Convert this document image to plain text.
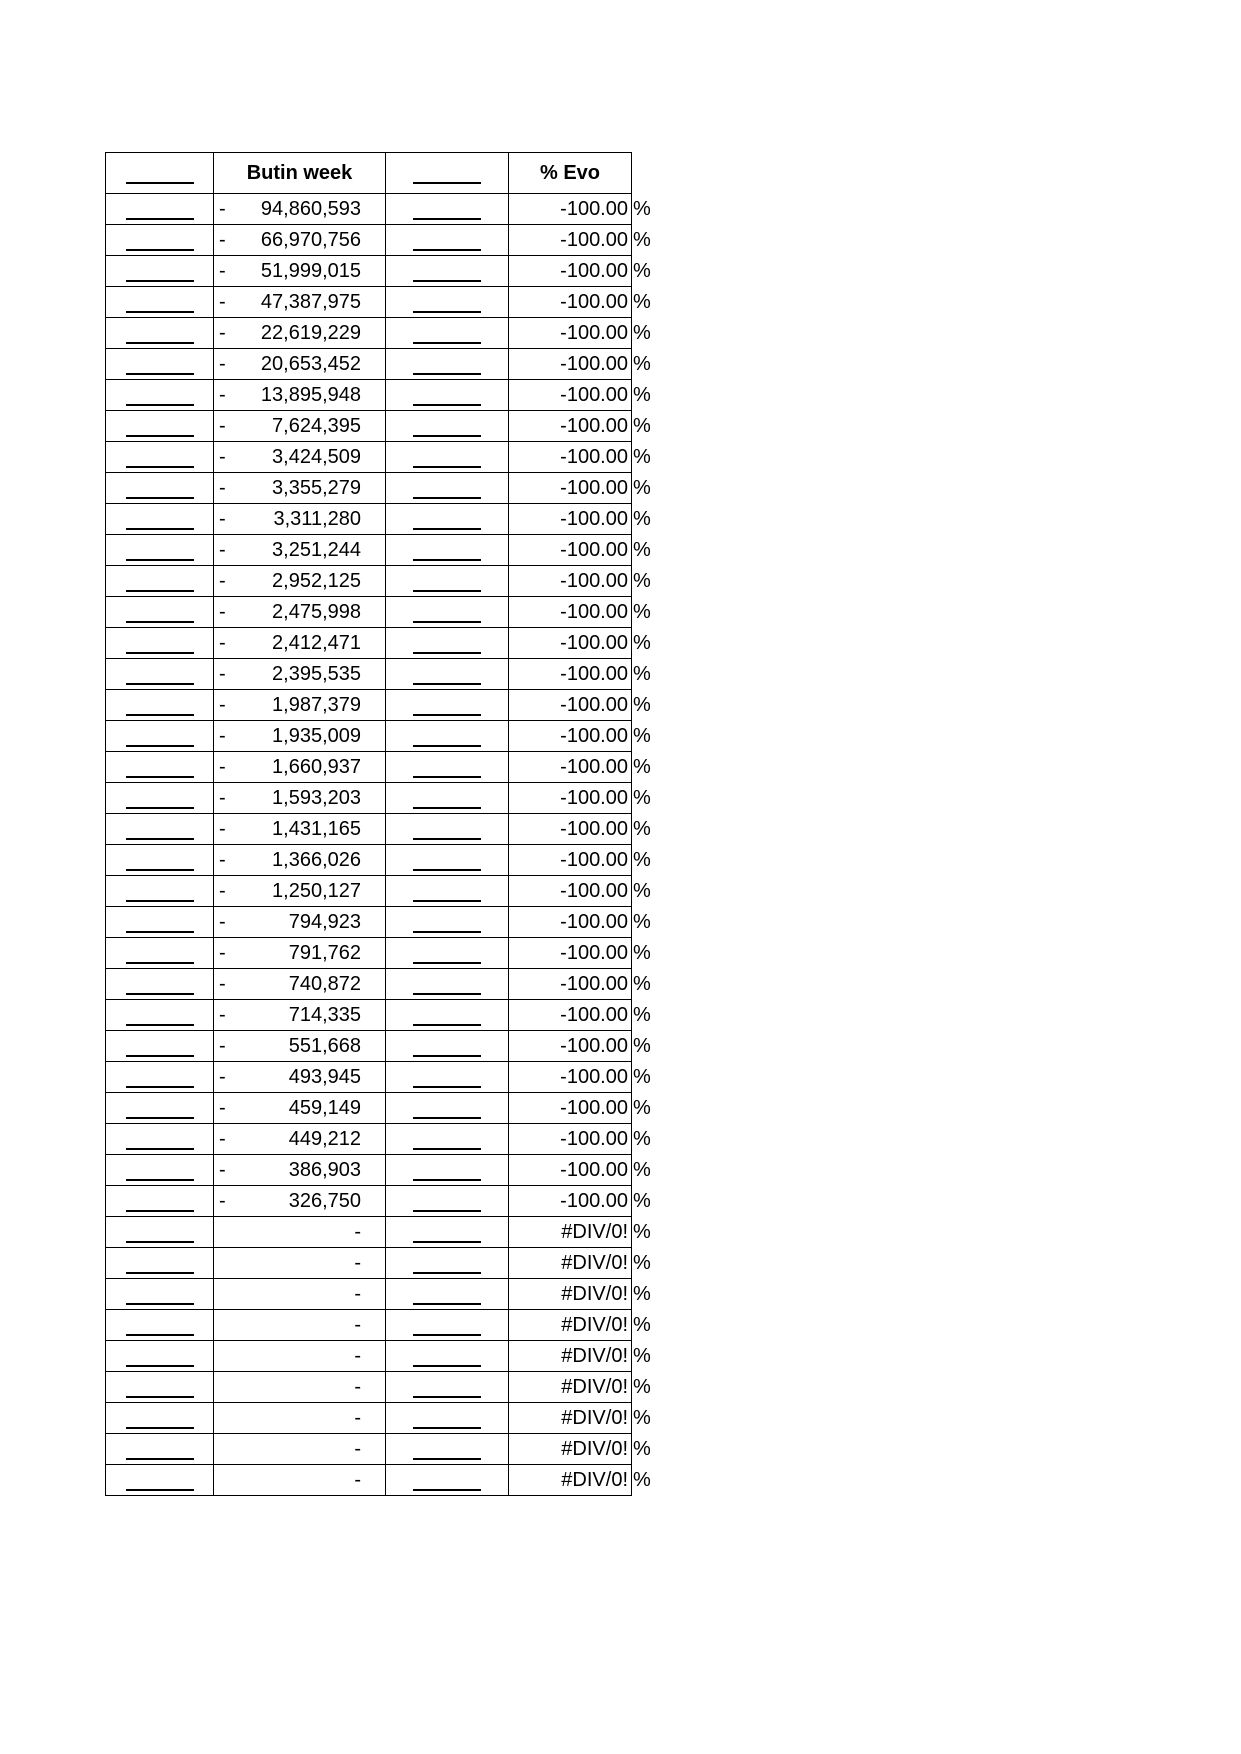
	Butin week		% Evo

	- 94,860,593		-100.00 %

	- 66,970,756		-100.00 %

	- 51,999,015		-100.00 %

	- 47,387,975		-100.00 %

	- 22,619,229		-100.00 %

	- 20,653,452		-100.00 %

	- 13,895,948		-100.00 %

	- 7,624,395		-100.00 %

	- 3,424,509		-100.00 %

	- 3,355,279		-100.00 %

	- 3,311,280		-100.00 %

	- 3,251,244		-100.00 %

	- 2,952,125		-100.00 %

	- 2,475,998		-100.00 %

	- 2,412,471		-100.00 %

	- 2,395,535		-100.00 %

	- 1,987,379		-100.00 %

	- 1,935,009		-100.00 %

	- 1,660,937		-100.00 %

	- 1,593,203		-100.00 %

	- 1,431,165		-100.00 %

	- 1,366,026		-100.00 %

	- 1,250,127		-100.00 %

	- 794,923		-100.00 %

	- 791,762		-100.00 %

	- 740,872		-100.00 %

	- 714,335		-100.00 %

	- 551,668		-100.00 %

	- 493,945		-100.00 %

	- 459,149		-100.00 %

	- 449,212		-100.00 %

	- 386,903		-100.00 %

	- 326,750		-100.00 %

	-		#DIV/0! %

	-		#DIV/0! %

	-		#DIV/0! %

	-		#DIV/0! %

	-		#DIV/0! %

	-		#DIV/0! %

	-		#DIV/0! %

	-		#DIV/0! %

	-		#DIV/0! %
